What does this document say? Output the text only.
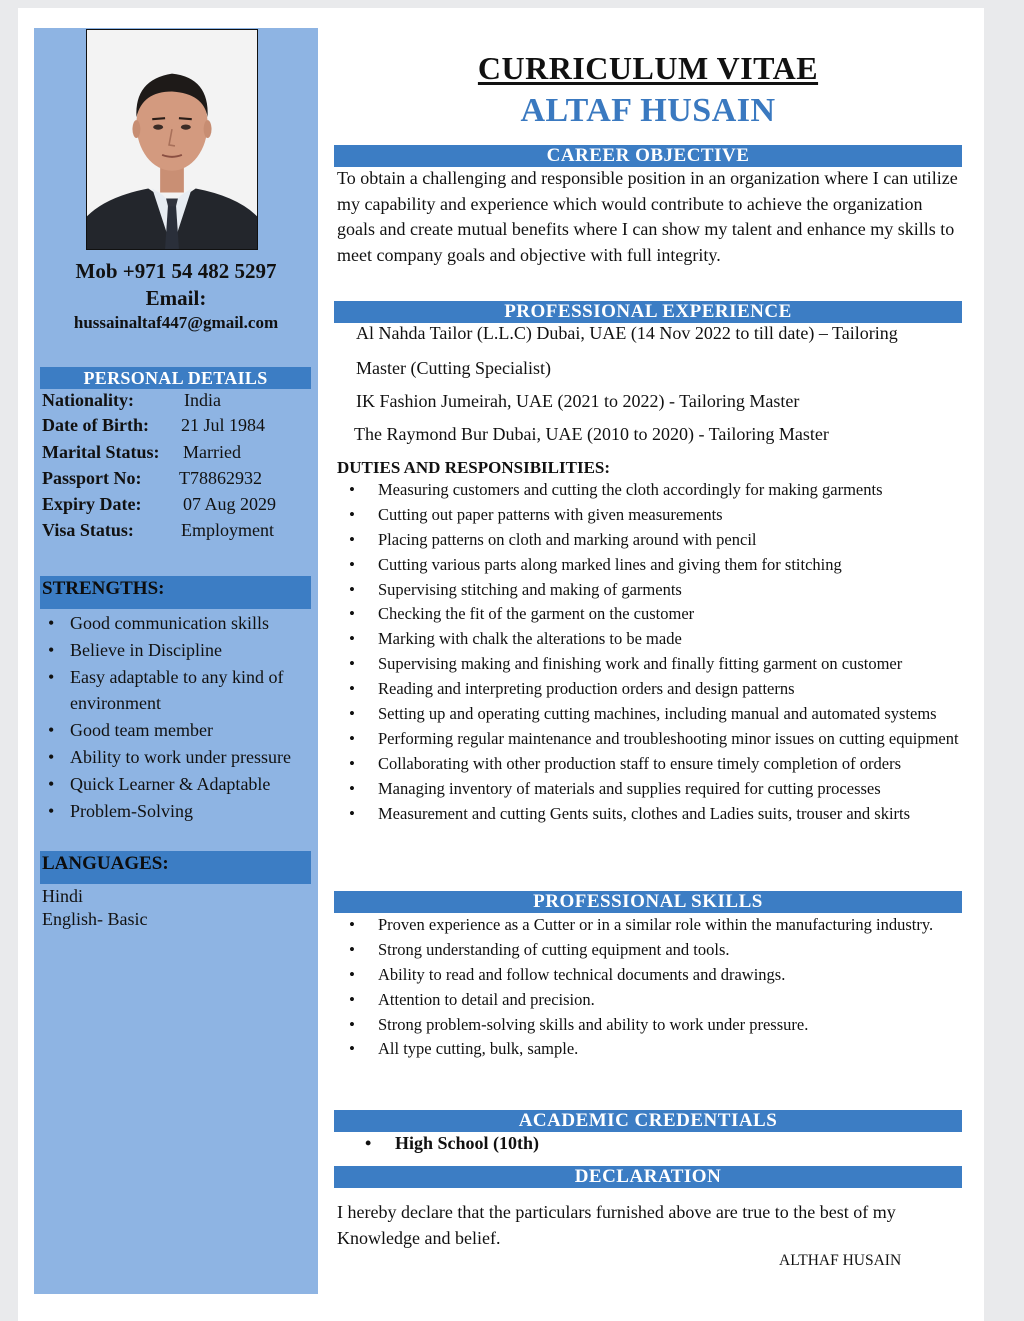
Mob +971 54 482 5297
Email:
hussainaltaf447@gmail.com
PERSONAL DETAILS
Nationality:	India
Date of Birth: 21 Jul 1984
Marital Status: Married
Passport No: T78862932
Expiry Date: 07 Aug 2029
Visa Status:	Employment
STRENGTHS:
• Good communication skills
• Believe in Discipline
• Easy adaptable to any kind of environment
• Good team member
• Ability to work under pressure
• Quick Learner & Adaptable
• Problem-Solving
LANGUAGES:
Hindi
English- Basic
CURRICULUM VITAE
ALTAF HUSAIN
CAREER OBJECTIVE
To obtain a challenging and responsible position in an organization where I can utilize my capability and experience which would contribute to achieve the organization goals and create mutual benefits where I can show my talent and enhance my skills to meet company goals and objective with full integrity.
PROFESSIONAL EXPERIENCE
Al Nahda Tailor (L.L.C) Dubai, UAE (14 Nov 2022 to till date) – Tailoring
Master (Cutting Specialist)
IK Fashion Jumeirah, UAE (2021 to 2022) - Tailoring Master
The Raymond Bur Dubai, UAE (2010 to 2020) - Tailoring Master
DUTIES AND RESPONSIBILITIES:
• Measuring customers and cutting the cloth accordingly for making garments
• Cutting out paper patterns with given measurements
• Placing patterns on cloth and marking around with pencil
• Cutting various parts along marked lines and giving them for stitching
• Supervising stitching and making of garments
• Checking the fit of the garment on the customer
• Marking with chalk the alterations to be made
• Supervising making and finishing work and finally fitting garment on customer
• Reading and interpreting production orders and design patterns
• Setting up and operating cutting machines, including manual and automated systems
• Performing regular maintenance and troubleshooting minor issues on cutting equipment
• Collaborating with other production staff to ensure timely completion of orders
• Managing inventory of materials and supplies required for cutting processes
• Measurement and cutting Gents suits, clothes and Ladies suits, trouser and skirts
PROFESSIONAL SKILLS
• Proven experience as a Cutter or in a similar role within the manufacturing industry.
• Strong understanding of cutting equipment and tools.
• Ability to read and follow technical documents and drawings.
• Attention to detail and precision.
• Strong problem-solving skills and ability to work under pressure.
• All type cutting, bulk, sample.
ACADEMIC CREDENTIALS
• High School (10th)
DECLARATION
I hereby declare that the particulars furnished above are true to the best of my Knowledge and belief.
ALTHAF HUSAIN
